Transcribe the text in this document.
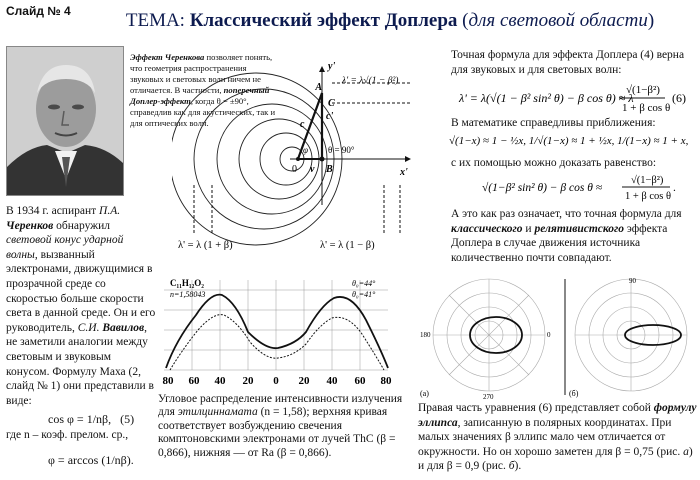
Слайд № 4	ТЕМА: Классический эффект Доплера (для световой области)
Эффект Черенкова позволяет понять, что геометрия распространения звуковых и световых волн ничем не отличается. В частности, поперечный Доплер-эффект, когда θ = ±90°, справедлив как для акустических, так и для оптических волн.
В 1934 г. аспирант П.А. Черенков обнаружил световой конус ударной волны, вызванный электронами, движущимися в прозрачной среде со скоростью больше скорости света в данной среде. Он и его руководитель, С.И. Вавилов, не заметили аналогии между световым и звуковым конусом. Формулу Маха (2, слайд № 1) они представили в виде:
cos φ = 1/nβ, (5)
где n – коэф. прелом. ср.,
φ = arccos (1/nβ).
A
C
c
c'
B
0 v
φ
y'
x'
θ = 90°
λ' = λ√(1 − β²)
λ' = λ (1 + β)	λ' = λ (1 − β)
Точная формула для эффекта Доплера (4) верна для звуковых и для световых волн:
λ' = λ(√(1 − β² sin² θ) − β cos θ) ≈ λ
√(1−β²)
1 + β cos θ
(6)
В математике справедливы приближения:
√(1−x) ≈ 1 − ½x, 1/√(1−x) ≈ 1 + ½x, 1/(1−x) ≈ 1 + x,
с их помощью можно доказать равенство:
√(1−β² sin² θ) − β cos θ ≈
√(1−β²)
1 + β cos θ
.
А это как раз означает, что точная формула для классического и релятивистского эффекта Доплера в случае движения источника количественно почти совпадают.
C₁₁H₁₂O₂
n=1,58043
θ₀=44°
θ₀=41°
80 60 40 20 0 20 40 60 80
Угловое распределение интенсивности излучения для этилциннамата (n = 1,58); верхняя кривая соответствует возбуждению свечения комптоновскими электронами от лучей ThC (β = 0,866), нижняя — от Ra (β = 0,866).
180	0
270
(а)
90
(б)
Правая часть уравнения (6) представляет собой формулу эллипса, записанную в полярных координатах. При малых значениях β эллипс мало чем отличается от окружности. Но он хорошо заметен для β = 0,75 (рис. а) и для β = 0,9 (рис. б).
